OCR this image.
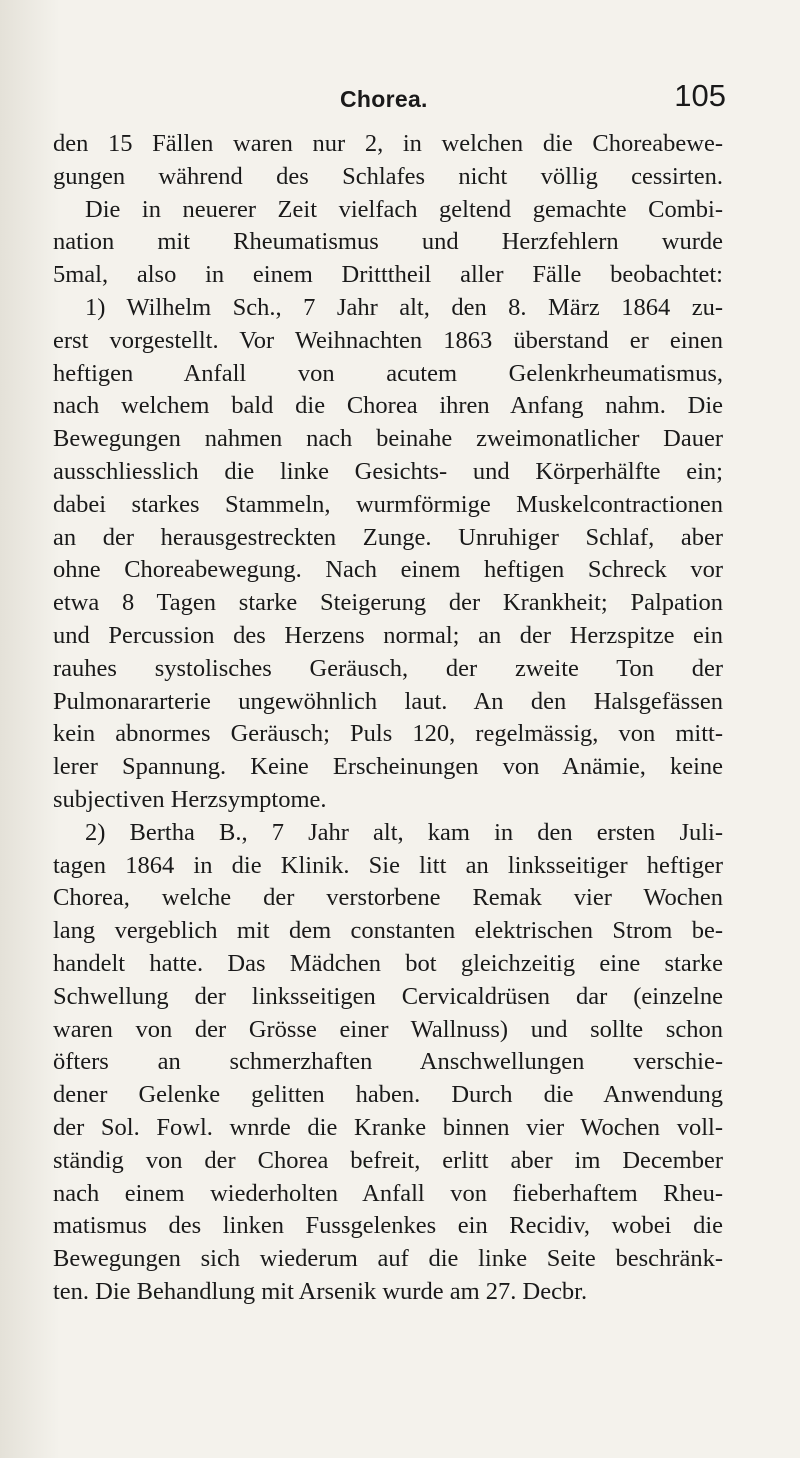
Chorea.	105
den 15 Fällen waren nur 2, in welchen die Choreabewe-
gungen während des Schlafes nicht völlig cessirten.
Die in neuerer Zeit vielfach geltend gemachte Combi-
nation mit Rheumatismus und Herzfehlern wurde
5mal, also in einem Dritttheil aller Fälle beobachtet:
1) Wilhelm Sch., 7 Jahr alt, den 8. März 1864 zu-
erst vorgestellt. Vor Weihnachten 1863 überstand er einen
heftigen Anfall von acutem Gelenkrheumatismus,
nach welchem bald die Chorea ihren Anfang nahm. Die
Bewegungen nahmen nach beinahe zweimonatlicher Dauer
ausschliesslich die linke Gesichts- und Körperhälfte ein;
dabei starkes Stammeln, wurmförmige Muskelcontractionen
an der herausgestreckten Zunge. Unruhiger Schlaf, aber
ohne Choreabewegung. Nach einem heftigen Schreck vor
etwa 8 Tagen starke Steigerung der Krankheit; Palpation
und Percussion des Herzens normal; an der Herzspitze ein
rauhes systolisches Geräusch, der zweite Ton der
Pulmonararterie ungewöhnlich laut. An den Halsgefässen
kein abnormes Geräusch; Puls 120, regelmässig, von mitt-
lerer Spannung. Keine Erscheinungen von Anämie, keine
subjectiven Herzsymptome.
2) Bertha B., 7 Jahr alt, kam in den ersten Juli-
tagen 1864 in die Klinik. Sie litt an linksseitiger heftiger
Chorea, welche der verstorbene Remak vier Wochen
lang vergeblich mit dem constanten elektrischen Strom be-
handelt hatte. Das Mädchen bot gleichzeitig eine starke
Schwellung der linksseitigen Cervicaldrüsen dar (einzelne
waren von der Grösse einer Wallnuss) und sollte schon
öfters an schmerzhaften Anschwellungen verschie-
dener Gelenke gelitten haben. Durch die Anwendung
der Sol. Fowl. wnrde die Kranke binnen vier Wochen voll-
ständig von der Chorea befreit, erlitt aber im December
nach einem wiederholten Anfall von fieberhaftem Rheu-
matismus des linken Fussgelenkes ein Recidiv, wobei die
Bewegungen sich wiederum auf die linke Seite beschränk-
ten. Die Behandlung mit Arsenik wurde am 27. Decbr.
